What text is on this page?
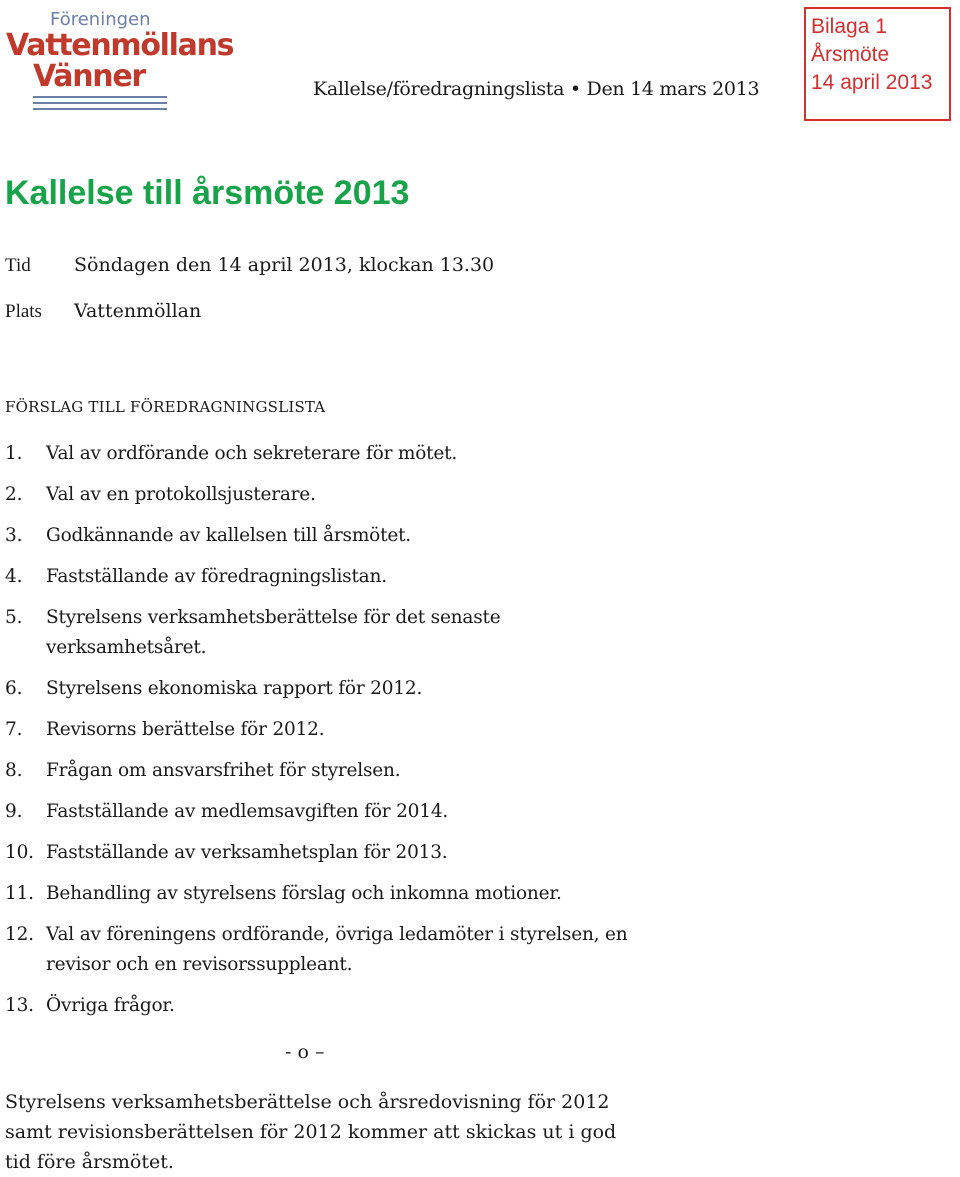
Föreningen
Vattenmöllans
Vänner	Kallelse/föredragningslista • Den 14 mars 2013
Bilaga 1
Årsmöte
14 april 2013
Kallelse till årsmöte 2013
Tid Söndagen den 14 april 2013, klockan 13.30
Plats Vattenmöllan
FÖRSLAG TILL FÖREDRAGNINGSLISTA
1. Val av ordförande och sekreterare för mötet.
2. Val av en protokollsjusterare.
3. Godkännande av kallelsen till årsmötet.
4. Fastställande av föredragningslistan.
5. Styrelsens verksamhetsberättelse för det senaste
verksamhetsåret.
6. Styrelsens ekonomiska rapport för 2012.
7. Revisorns berättelse för 2012.
8. Frågan om ansvarsfrihet för styrelsen.
9. Fastställande av medlemsavgiften för 2014.
10. Fastställande av verksamhetsplan för 2013.
11. Behandling av styrelsens förslag och inkomna motioner.
12. Val av föreningens ordförande, övriga ledamöter i styrelsen, en
revisor och en revisorssuppleant.
13. Övriga frågor.
- o –
Styrelsens verksamhetsberättelse och årsredovisning för 2012 samt revisionsberättelsen för 2012 kommer att skickas ut i god tid före årsmötet.
